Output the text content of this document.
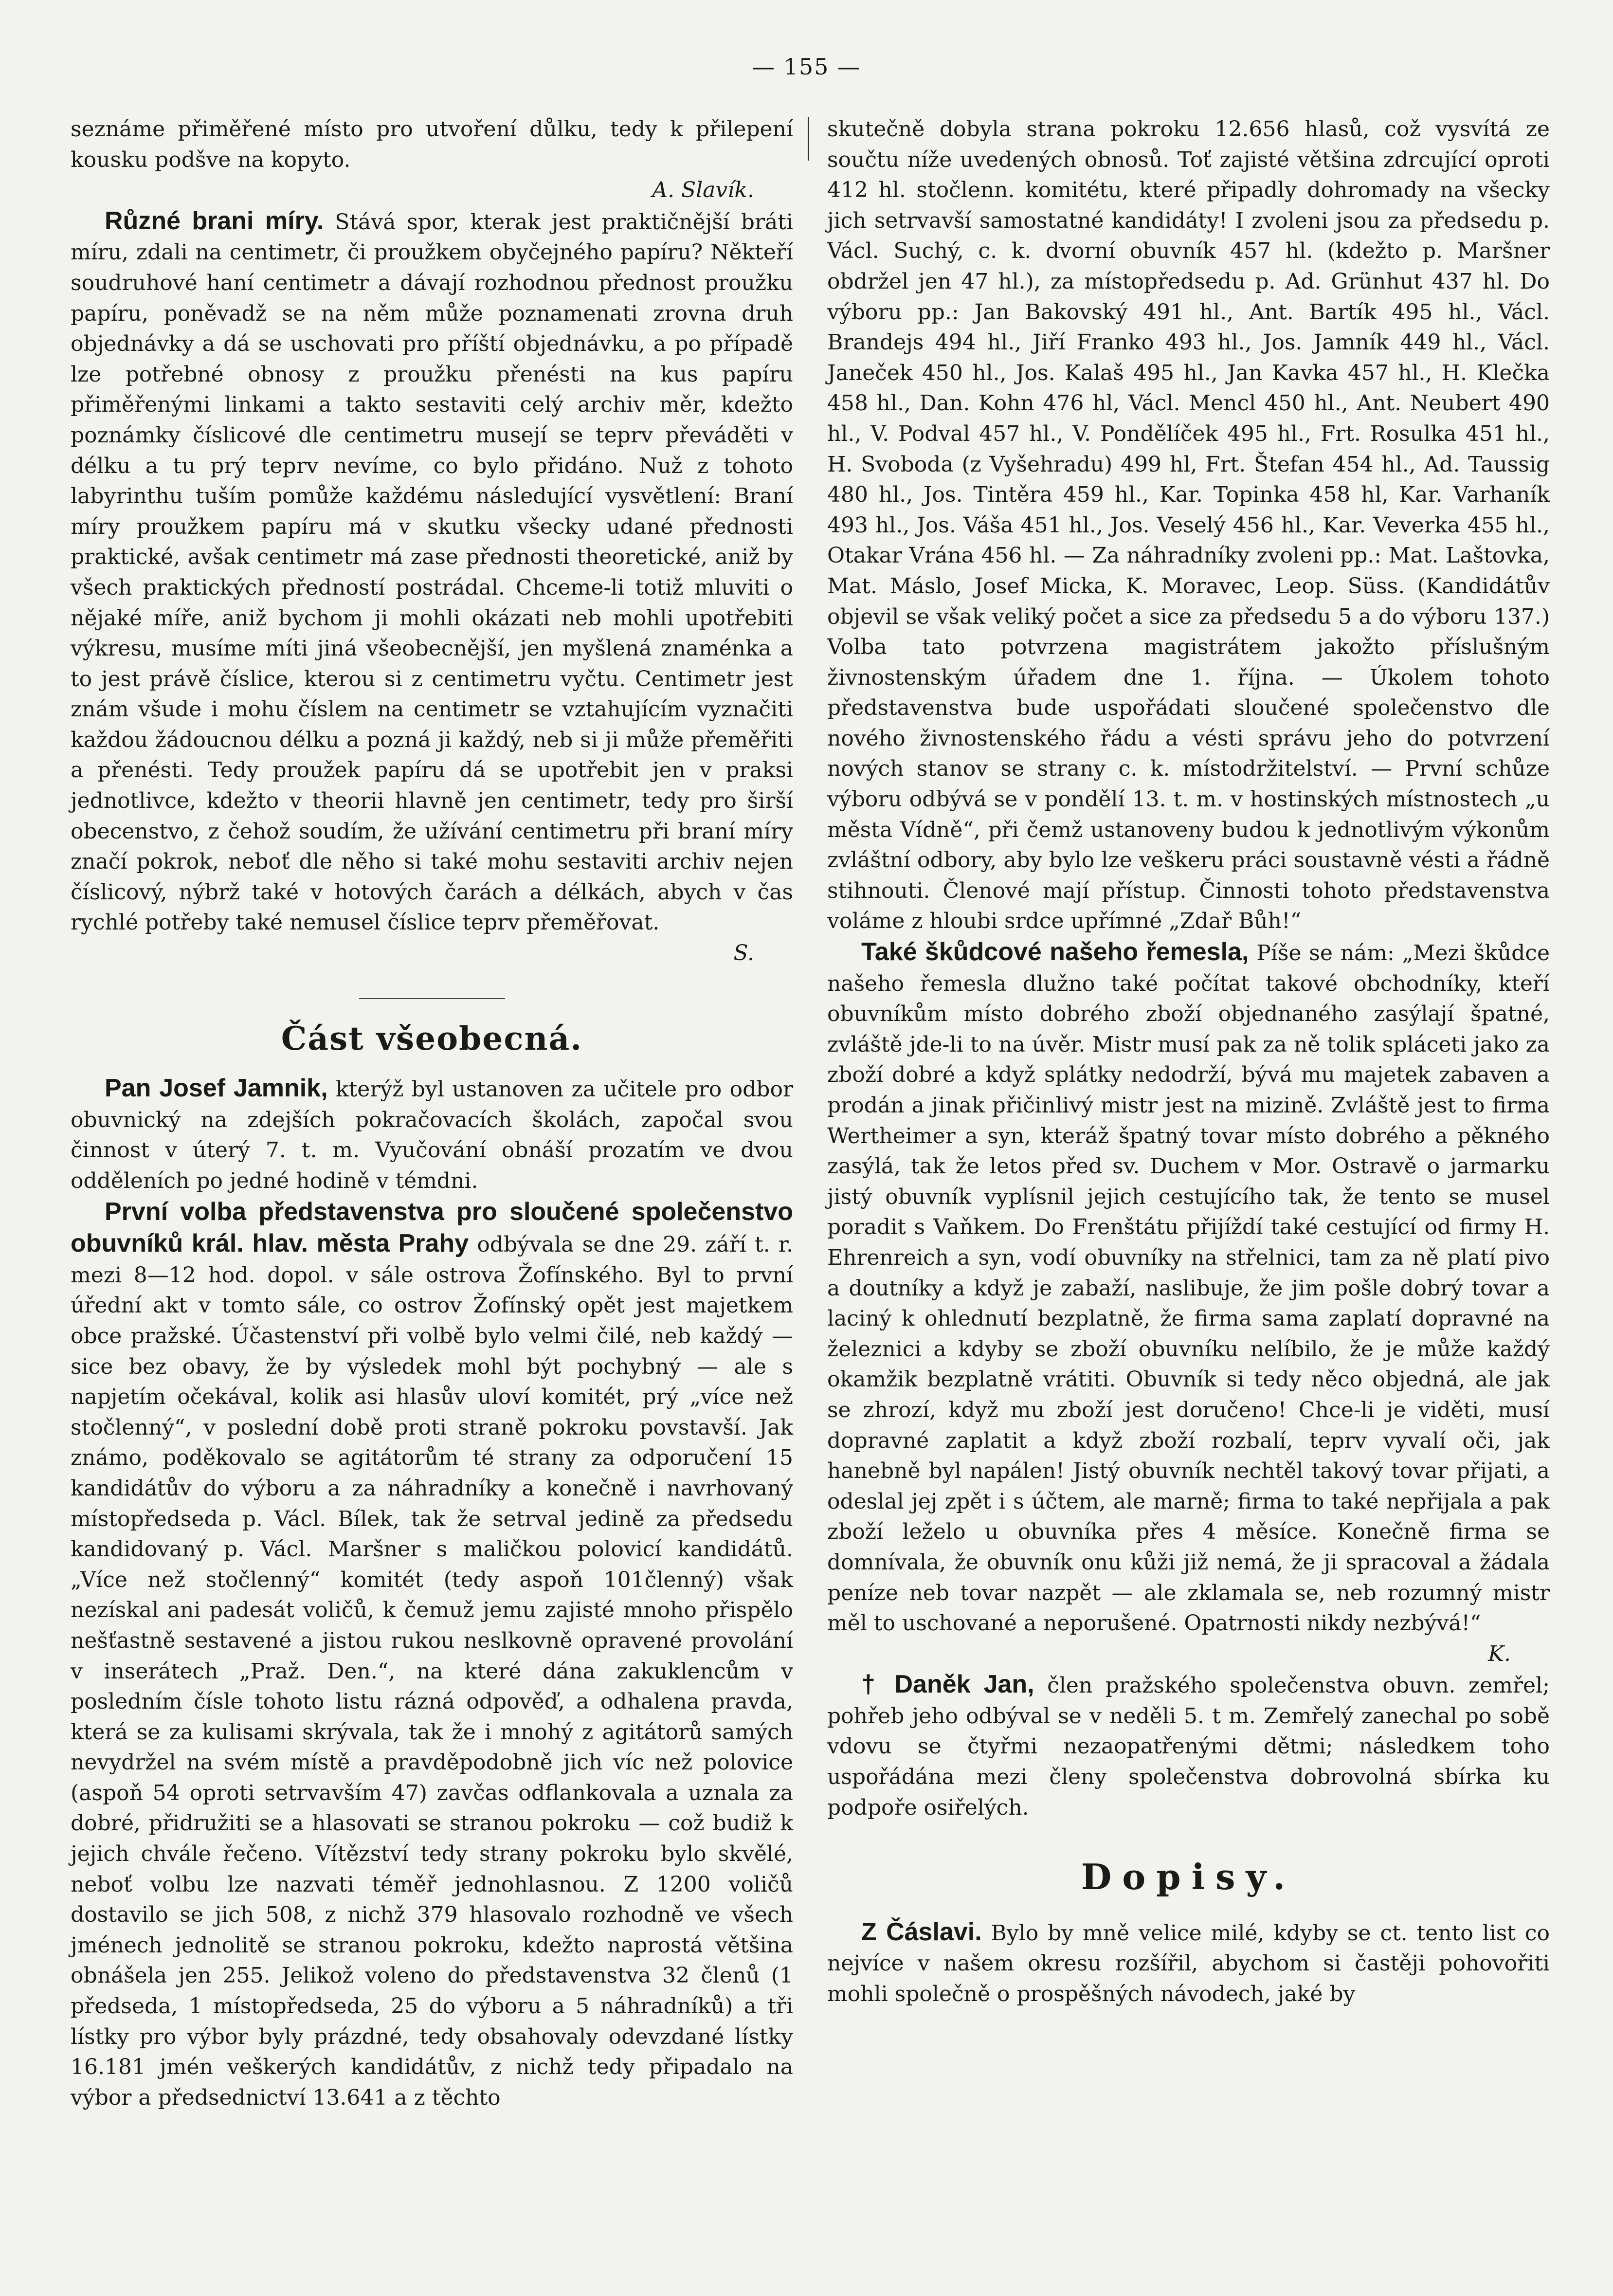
— 155 —

seznáme přiměřené místo pro utvoření důlku, tedy k přilepení kousku podšve na kopyto.

A. Slavík.

Různé brani míry. Stává spor, kterak jest praktičnější bráti míru, zdali na centimetr, či proužkem obyčejného papíru? Někteří soudruhové haní centimetr a dávají rozhodnou přednost proužku papíru, poněvadž se na něm může poznamenati zrovna druh objednávky a dá se uschovati pro příští objednávku, a po případě lze potřebné obnosy z proužku přenésti na kus papíru přiměřenými linkami a takto sestaviti celý archiv měr, kdežto poznámky číslicové dle centimetru musejí se teprv převáděti v délku a tu prý teprv nevíme, co bylo přidáno. Nuž z tohoto labyrinthu tuším pomůže každému následující vysvětlení: Braní míry proužkem papíru má v skutku všecky udané přednosti praktické, avšak centimetr má zase přednosti theoretické, aniž by všech praktických předností postrádal. Chceme-li totiž mluviti o nějaké míře, aniž bychom ji mohli okázati neb mohli upotřebiti výkresu, musíme míti jiná všeobecnější, jen myšlená znaménka a to jest právě číslice, kterou si z centimetru vyčtu. Centimetr jest znám všude i mohu číslem na centimetr se vztahujícím vyznačiti každou žádoucnou délku a pozná ji každý, neb si ji může přeměřiti a přenésti. Tedy proužek papíru dá se upotřebit jen v praksi jednotlivce, kdežto v theorii hlavně jen centimetr, tedy pro širší obecenstvo, z čehož soudím, že užívání centimetru při braní míry značí pokrok, neboť dle něho si také mohu sestaviti archiv nejen číslicový, nýbrž také v hotových čarách a délkách, abych v čas rychlé potřeby také nemusel číslice teprv přeměřovat.

S.

Část všeobecná.

Pan Josef Jamnik, kterýž byl ustanoven za učitele pro odbor obuvnický na zdejších pokračovacích školách, započal svou činnost v úterý 7. t. m. Vyučování obnáší prozatím ve dvou odděleních po jedné hodině v témdni.

První volba představenstva pro sloučené společenstvo obuvníků král. hlav. města Prahy odbývala se dne 29. září t. r. mezi 8—12 hod. dopol. v sále ostrova Žofínského. Byl to první úřední akt v tomto sále, co ostrov Žofínský opět jest majetkem obce pražské. Účastenství při volbě bylo velmi čilé, neb každý — sice bez obavy, že by výsledek mohl být pochybný — ale s napjetím očekával, kolik asi hlasův uloví komitét, prý „více než stočlenný“, v poslední době proti straně pokroku povstavší. Jak známo, poděkovalo se agitátorům té strany za odporučení 15 kandidátův do výboru a za náhradníky a konečně i navrhovaný místopředseda p. Václ. Bílek, tak že setrval jedině za předsedu kandidovaný p. Václ. Maršner s maličkou polovicí kandidátů. „Více než stočlenný“ komitét (tedy aspoň 101členný) však nezískal ani padesát voličů, k čemuž jemu zajisté mnoho přispělo nešťastně sestavené a jistou rukou neslkovně opravené provolání v inserátech „Praž. Den.“, na které dána zakuklencům v posledním čísle tohoto listu rázná odpověď, a odhalena pravda, která se za kulisami skrývala, tak že i mnohý z agitátorů samých nevydržel na svém místě a pravděpodobně jich víc než polovice (aspoň 54 oproti setrvavším 47) zavčas odflankovala a uznala za dobré, přidružiti se a hlasovati se stranou pokroku — což budiž k jejich chvále řečeno. Vítězství tedy strany pokroku bylo skvělé, neboť volbu lze nazvati téměř jednohlasnou. Z 1200 voličů dostavilo se jich 508, z nichž 379 hlasovalo rozhodně ve všech jménech jednolitě se stranou pokroku, kdežto naprostá většina obnášela jen 255. Jelikož voleno do představenstva 32 členů (1 předseda, 1 místopředseda, 25 do výboru a 5 náhradníků) a tři lístky pro výbor byly prázdné, tedy obsahovaly odevzdané lístky 16.181 jmén veškerých kandidátův, z nichž tedy připadalo na výbor a předsednictví 13.641 a z těchto

skutečně dobyla strana pokroku 12.656 hlasů, což vysvítá ze součtu níže uvedených obnosů. Toť zajisté většina zdrcující oproti 412 hl. stočlenn. komitétu, které připadly dohromady na všecky jich setrvavší samostatné kandidáty! I zvoleni jsou za předsedu p. Václ. Suchý, c. k. dvorní obuvník 457 hl. (kdežto p. Maršner obdržel jen 47 hl.), za místopředsedu p. Ad. Grünhut 437 hl. Do výboru pp.: Jan Bakovský 491 hl., Ant. Bartík 495 hl., Václ. Brandejs 494 hl., Jiří Franko 493 hl., Jos. Jamník 449 hl., Václ. Janeček 450 hl., Jos. Kalaš 495 hl., Jan Kavka 457 hl., H. Klečka 458 hl., Dan. Kohn 476 hl, Václ. Mencl 450 hl., Ant. Neubert 490 hl., V. Podval 457 hl., V. Pondělíček 495 hl., Frt. Rosulka 451 hl., H. Svoboda (z Vyšehradu) 499 hl, Frt. Štefan 454 hl., Ad. Taussig 480 hl., Jos. Tintěra 459 hl., Kar. Topinka 458 hl, Kar. Varhaník 493 hl., Jos. Váša 451 hl., Jos. Veselý 456 hl., Kar. Veverka 455 hl., Otakar Vrána 456 hl. — Za náhradníky zvoleni pp.: Mat. Laštovka, Mat. Máslo, Josef Micka, K. Moravec, Leop. Süss. (Kandidátův objevil se však veliký počet a sice za předsedu 5 a do výboru 137.) Volba tato potvrzena magistrátem jakožto příslušným živnostenským úřadem dne 1. října. — Úkolem tohoto představenstva bude uspořádati sloučené společenstvo dle nového živnostenského řádu a vésti správu jeho do potvrzení nových stanov se strany c. k. místodržitelství. — První schůze výboru odbývá se v pondělí 13. t. m. v hostinských místnostech „u města Vídně“, při čemž ustanoveny budou k jednotlivým výkonům zvláštní odbory, aby bylo lze veškeru práci soustavně vésti a řádně stihnouti. Členové mají přístup. Činnosti tohoto představenstva voláme z hloubi srdce upřímné „Zdař Bůh!“

Také škůdcové našeho řemesla, Píše se nám: „Mezi škůdce našeho řemesla dlužno také počítat takové obchodníky, kteří obuvníkům místo dobrého zboží objednaného zasýlají špatné, zvláště jde-li to na úvěr. Mistr musí pak za ně tolik spláceti jako za zboží dobré a když splátky nedodrží, bývá mu majetek zabaven a prodán a jinak přičinlivý mistr jest na mizině. Zvláště jest to firma Wertheimer a syn, kteráž špatný tovar místo dobrého a pěkného zasýlá, tak že letos před sv. Duchem v Mor. Ostravě o jarmarku jistý obuvník vyplísnil jejich cestujícího tak, že tento se musel poradit s Vaňkem. Do Frenštátu přijíždí také cestující od firmy H. Ehrenreich a syn, vodí obuvníky na střelnici, tam za ně platí pivo a doutníky a když je zabaží, naslibuje, že jim pošle dobrý tovar a laciný k ohlednutí bezplatně, že firma sama zaplatí dopravné na železnici a kdyby se zboží obuvníku nelíbilo, že je může každý okamžik bezplatně vrátiti. Obuvník si tedy něco objedná, ale jak se zhrozí, když mu zboží jest doručeno! Chce-li je viděti, musí dopravné zaplatit a když zboží rozbalí, teprv vyvalí oči, jak hanebně byl napálen! Jistý obuvník nechtěl takový tovar přijati, a odeslal jej zpět i s účtem, ale marně; firma to také nepřijala a pak zboží leželo u obuvníka přes 4 měsíce. Konečně firma se domnívala, že obuvník onu kůži již nemá, že ji spracoval a žádala peníze neb tovar nazpět — ale zklamala se, neb rozumný mistr měl to uschované a neporušené. Opatrnosti nikdy nezbývá!“

K.

† Daněk Jan, člen pražského společenstva obuvn. zemřel; pohřeb jeho odbýval se v neděli 5. t m. Zemřelý zanechal po sobě vdovu se čtyřmi nezaopatřenými dětmi; následkem toho uspořádána mezi členy společenstva dobrovolná sbírka ku podpoře osiřelých.

Dopisy.

Z Čáslavi. Bylo by mně velice milé, kdyby se ct. tento list co nejvíce v našem okresu rozšířil, abychom si častěji pohovořiti mohli společně o prospěšných návodech, jaké by
